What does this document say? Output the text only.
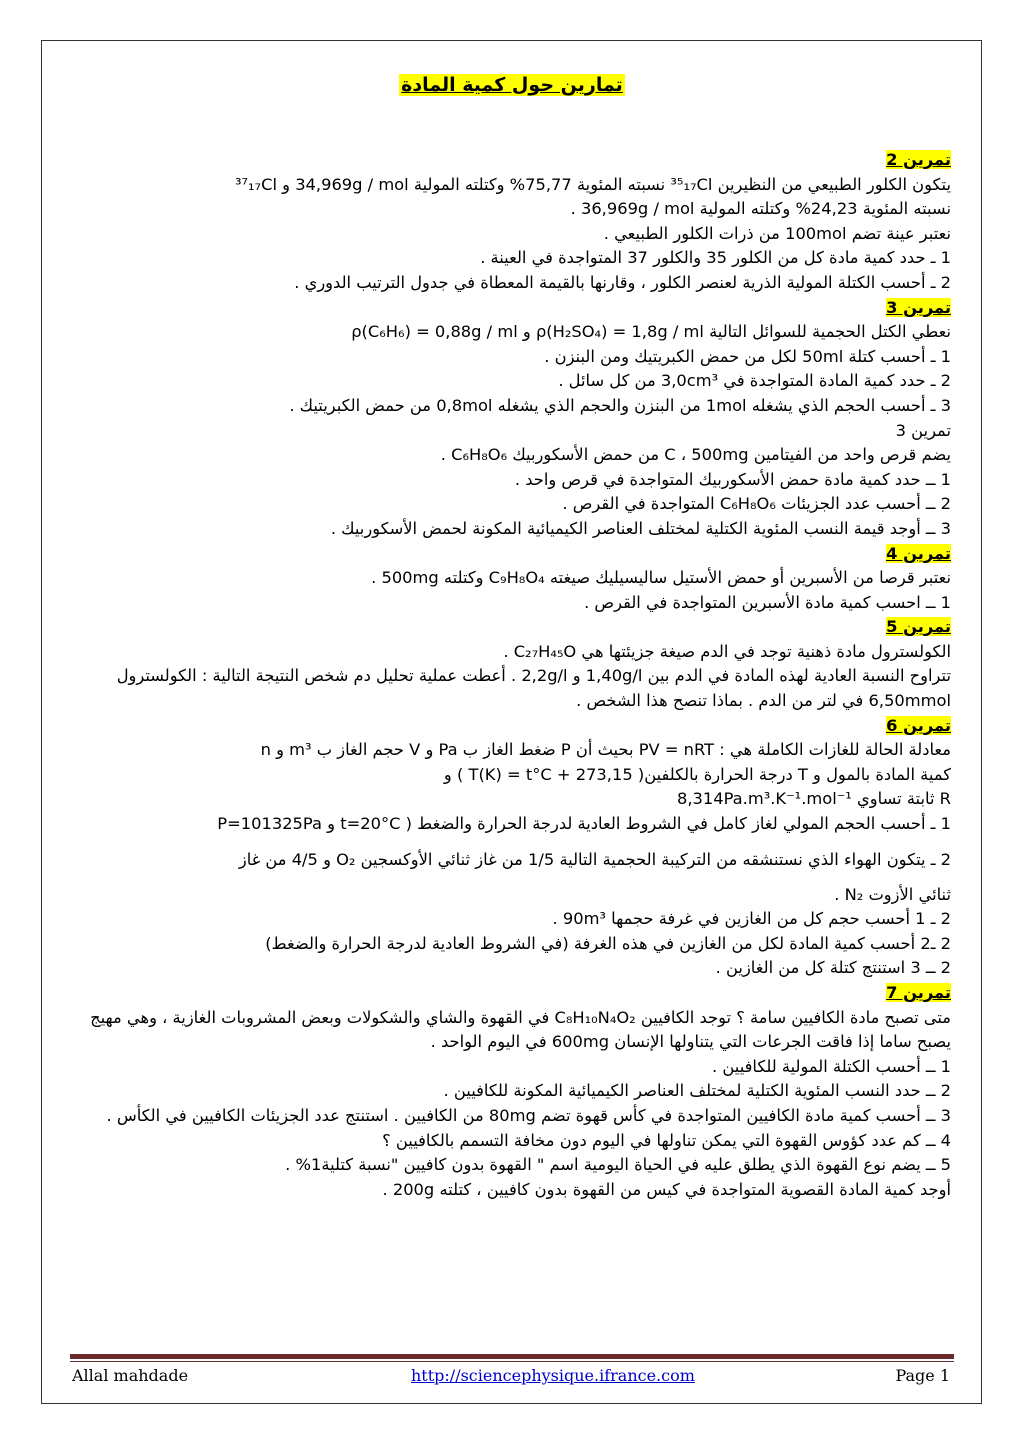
تمارين حول كمية المادة

تمرين 2

يتكون الكلور الطبيعي من النظيرين ³⁵₁₇Cl نسبته المئوية 75,77% وكتلته المولية 34,969g / mol و ³⁷₁₇Cl

نسبته المئوية 24,23% وكتلته المولية 36,969g / mol .

نعتبر عينة تضم 100mol من ذرات الكلور الطبيعي .

1 ـ حدد كمية مادة كل من الكلور 35 والكلور 37 المتواجدة في العينة .

2 ـ أحسب الكتلة المولية الذرية لعنصر الكلور ، وقارنها بالقيمة المعطاة في جدول الترتيب الدوري .

تمرين 3

نعطي الكتل الحجمية للسوائل التالية ρ(H₂SO₄) = 1,8g / ml و ρ(C₆H₆) = 0,88g / ml

1 ـ أحسب كتلة 50ml لكل من حمض الكبريتيك ومن البنزن .

2 ـ حدد كمية المادة المتواجدة في 3,0cm³ من كل سائل .

3 ـ أحسب الحجم الذي يشغله 1mol من البنزن والحجم الذي يشغله 0,8mol من حمض الكبريتيك .

تمرين 3

يضم قرص واحد من الفيتامين C ، 500mg من حمض الأسكوربيك C₆H₈O₆ .

1 ــ حدد كمية مادة حمض الأسكوربيك المتواجدة في قرص واحد .

2 ــ أحسب عدد الجزيئات C₆H₈O₆ المتواجدة في القرص .

3 ــ أوجد قيمة النسب المئوية الكتلية لمختلف العناصر الكيميائية المكونة لحمض الأسكوربيك .

تمرين 4

نعتبر قرصا من الأسبرين أو حمض الأستيل ساليسيليك صيغته C₉H₈O₄ وكتلته 500mg .

1 ــ احسب كمية مادة الأسبرين المتواجدة في القرص .

تمرين 5

الكولسترول مادة ذهنية توجد في الدم صيغة جزيئتها هي C₂₇H₄₅O .

تتراوح النسبة العادية لهذه المادة في الدم بين 1,40g/l و 2,2g/l . أعطت عملية تحليل دم شخص النتيجة التالية : الكولسترول 6,50mmol في لتر من الدم . بماذا تنصح هذا الشخص .

تمرين 6

معادلة الحالة للغازات الكاملة هي : PV = nRT بحيث أن P ضغط الغاز ب Pa و V حجم الغاز ب m³ و n

كمية المادة بالمول و T درجة الحرارة بالكلفين( T(K) = t°C + 273,15 ) و

R ثابتة تساوي 8,314Pa.m³.K⁻¹.mol⁻¹

1 ـ أحسب الحجم المولي لغاز كامل في الشروط العادية لدرجة الحرارة والضغط ( t=20°C و P=101325Pa

2 ـ يتكون الهواء الذي نستنشقه من التركيبة الحجمية التالية 1/5 من غاز ثنائي الأوكسجين O₂ و 4/5 من غاز

ثنائي الأزوت N₂ .

2 ـ 1 أحسب حجم كل من الغازين في غرفة حجمها 90m³ .

2 ـ2 أحسب كمية المادة لكل من الغازين في هذه الغرفة (في الشروط العادية لدرجة الحرارة والضغط)

2 ــ 3 استنتج كتلة كل من الغازين .

تمرين 7

متى تصبح مادة الكافيين سامة ؟ توجد الكافيين C₈H₁₀N₄O₂ في القهوة والشاي والشكولات وبعض المشروبات الغازية ، وهي مهيج يصبح ساما إذا فاقت الجرعات التي يتناولها الإنسان 600mg في اليوم الواحد .

1 ــ أحسب الكتلة المولية للكافيين .

2 ــ حدد النسب المئوية الكتلية لمختلف العناصر الكيميائية المكونة للكافيين .

3 ــ أحسب كمية مادة الكافيين المتواجدة في كأس قهوة تضم 80mg من الكافيين . استنتج عدد الجزيئات الكافيين في الكأس .

4 ــ كم عدد كؤوس القهوة التي يمكن تناولها في اليوم دون مخافة التسمم بالكافيين ؟

5 ــ يضم نوع القهوة الذي يطلق عليه في الحياة اليومية اسم " القهوة بدون كافيين "نسبة كتلية1% .

أوجد كمية المادة القصوية المتواجدة في كيس من القهوة بدون كافيين ، كتلته 200g .

Allal mahdade	http://sciencephysique.ifrance.com	Page 1
